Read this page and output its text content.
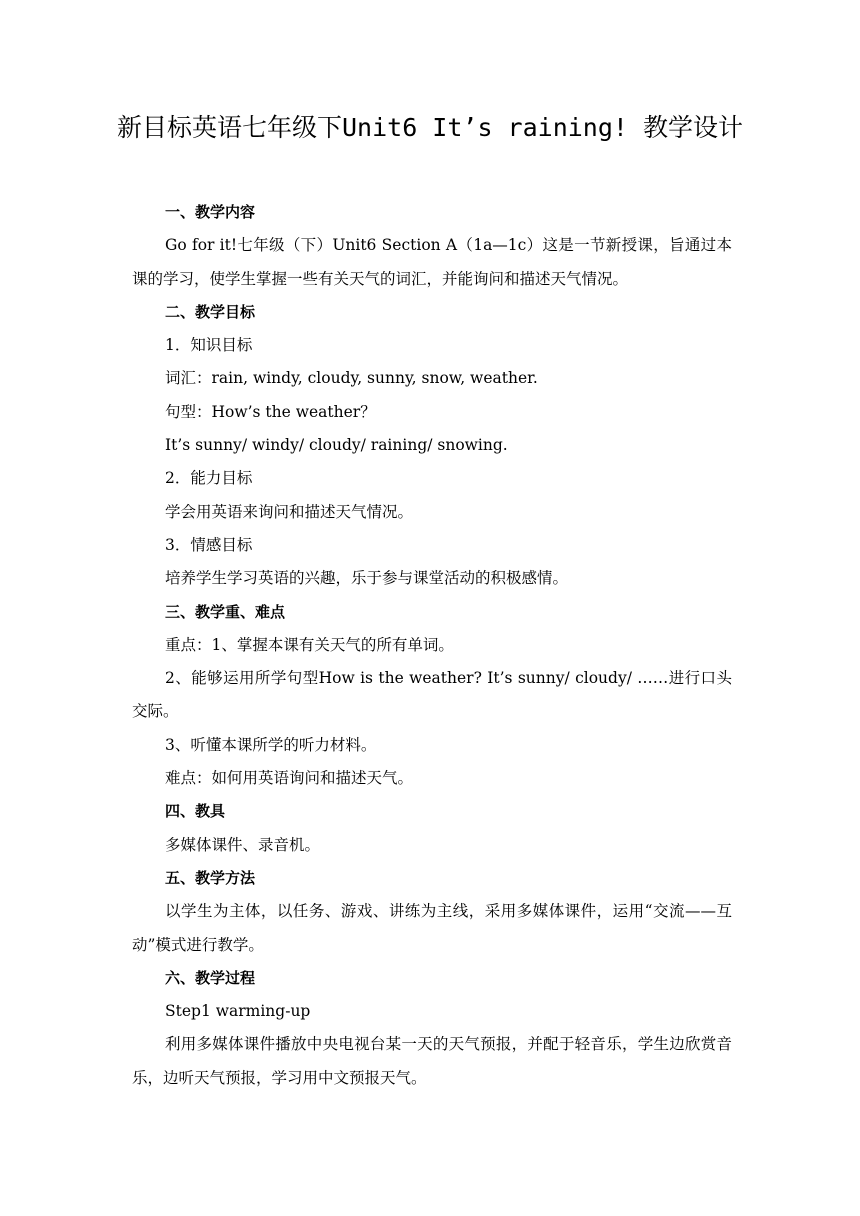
新目标英语七年级下Unit6 It’s raining! 教学设计

一、教学内容

Go for it!七年级（下）Unit6 Section A（1a—1c）这是一节新授课，旨通过本课的学习，使学生掌握一些有关天气的词汇，并能询问和描述天气情况。

二、教学目标

1．知识目标

词汇：rain, windy, cloudy, sunny, snow, weather.

句型：How’s the weather？

It’s sunny/ windy/ cloudy/ raining/ snowing.

2．能力目标

学会用英语来询问和描述天气情况。

3．情感目标

培养学生学习英语的兴趣，乐于参与课堂活动的积极感情。

三、教学重、难点

重点：1、掌握本课有关天气的所有单词。

2、能够运用所学句型How is the weather? It’s sunny/ cloudy/ ……进行口头交际。

3、听懂本课所学的听力材料。

难点：如何用英语询问和描述天气。

四、教具

多媒体课件、录音机。

五、教学方法

以学生为主体，以任务、游戏、讲练为主线，采用多媒体课件，运用“交流——互动”模式进行教学。

六、教学过程

Step1 warming-up

利用多媒体课件播放中央电视台某一天的天气预报，并配于轻音乐，学生边欣赏音乐，边听天气预报，学习用中文预报天气。
